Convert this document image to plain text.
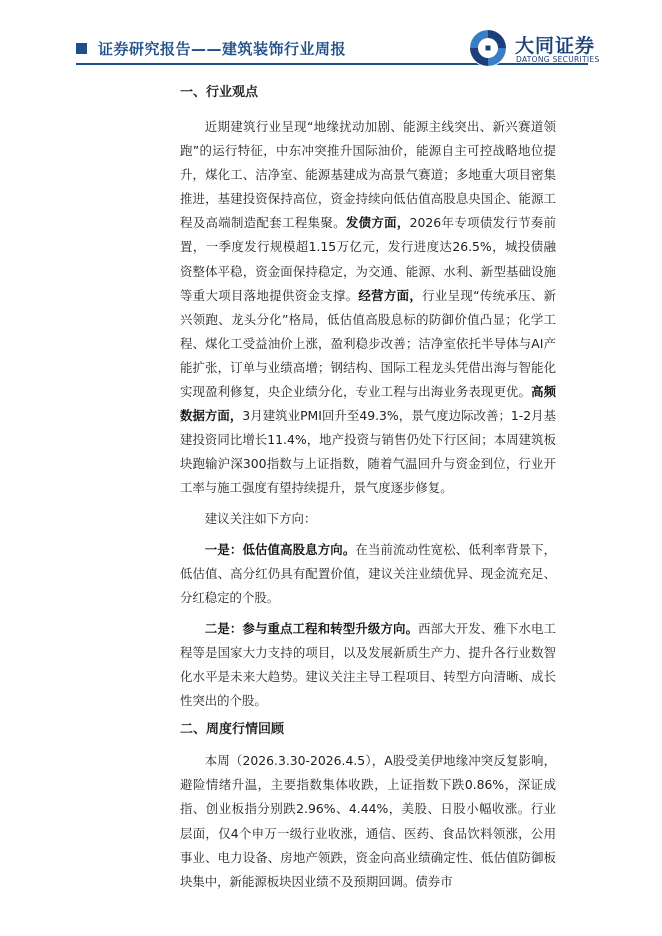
证券研究报告——建筑装饰行业周报	大同证券
DATONG SECURITIES
一、行业观点

近期建筑行业呈现“地缘扰动加剧、能源主线突出、新兴赛道领跑”的运行特征，中东冲突推升国际油价，能源自主可控战略地位提升，煤化工、洁净室、能源基建成为高景气赛道；多地重大项目密集推进，基建投资保持高位，资金持续向低估值高股息央国企、能源工程及高端制造配套工程集聚。发债方面，2026年专项债发行节奏前置，一季度发行规模超1.15万亿元，发行进度达26.5%，城投债融资整体平稳，资金面保持稳定，为交通、能源、水利、新型基础设施等重大项目落地提供资金支撑。经营方面，行业呈现“传统承压、新兴领跑、龙头分化”格局，低估值高股息标的防御价值凸显；化学工程、煤化工受益油价上涨，盈利稳步改善；洁净室依托半导体与AI产能扩张，订单与业绩高增；钢结构、国际工程龙头凭借出海与智能化实现盈利修复，央企业绩分化，专业工程与出海业务表现更优。高频数据方面，3月建筑业PMI回升至49.3%，景气度边际改善；1-2月基建投资同比增长11.4%，地产投资与销售仍处下行区间；本周建筑板块跑输沪深300指数与上证指数，随着气温回升与资金到位，行业开工率与施工强度有望持续提升，景气度逐步修复。

建议关注如下方向：

一是：低估值高股息方向。在当前流动性宽松、低利率背景下，低估值、高分红仍具有配置价值，建议关注业绩优异、现金流充足、分红稳定的个股。

二是：参与重点工程和转型升级方向。西部大开发、雅下水电工程等是国家大力支持的项目，以及发展新质生产力、提升各行业数智化水平是未来大趋势。建议关注主导工程项目、转型方向清晰、成长性突出的个股。

二、周度行情回顾

本周（2026.3.30-2026.4.5），A股受美伊地缘冲突反复影响，避险情绪升温，主要指数集体收跌，上证指数下跌0.86%，深证成指、创业板指分别跌2.96%、4.44%，美股、日股小幅收涨。行业层面，仅4个申万一级行业收涨，通信、医药、食品饮料领涨，公用事业、电力设备、房地产领跌，资金向高业绩确定性、低估值防御板块集中，新能源板块因业绩不及预期回调。债券市
